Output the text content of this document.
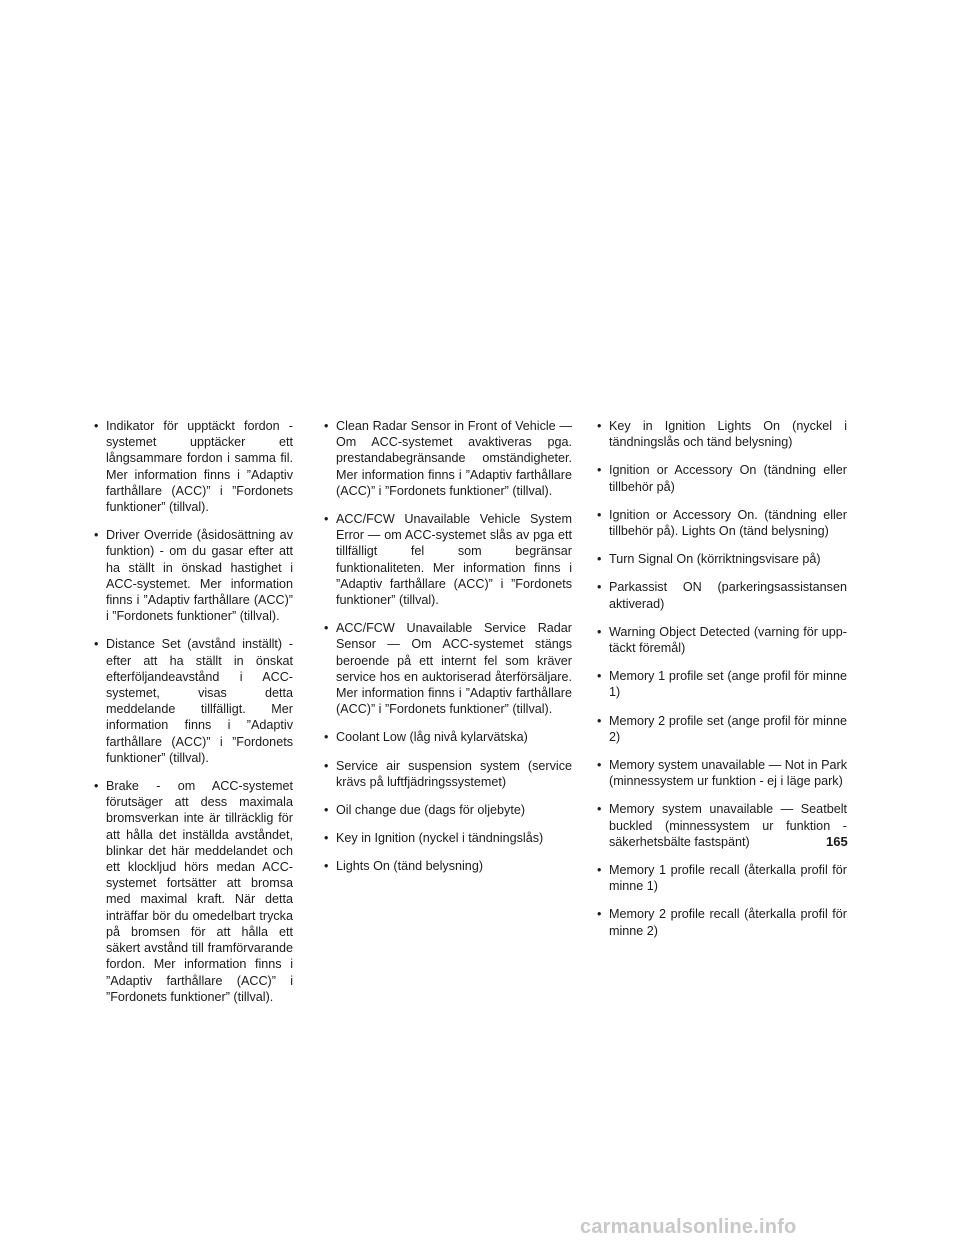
• Indikator för upptäckt fordon - systemet upptäcker ett långsammare fordon i samma fil. Mer information finns i ”Adaptiv farthållare (ACC)” i ”Fordonets funktioner” (tillval).
• Driver Override (åsidosättning av funktion) - om du gasar efter att ha ställt in önskad hastighet i ACC-systemet. Mer information finns i ”Adaptiv farthållare (ACC)” i ”Fordonets funktioner” (tillval).
• Distance Set (avstånd inställt) - efter att ha ställt in önskat efterföljandeavstånd i ACC-systemet, visas detta meddelande tillfälligt. Mer information finns i ”Adaptiv farthållare (ACC)” i ”Fordonets funktioner” (tillval).
• Brake - om ACC-systemet förutsäger att dess maximala bromsverkan inte är tillräcklig för att hålla det inställda avståndet, blinkar det här meddelandet och ett klockljud hörs medan ACC-systemet fortsätter att bromsa med maximal kraft. När detta inträffar bör du omedelbart trycka på bromsen för att hålla ett säkert avstånd till framförvarande fordon. Mer information finns i ”Adaptiv farthållare (ACC)” i ”Fordonets funktioner” (tillval).
• Clean Radar Sensor in Front of Vehicle — Om ACC-systemet avaktiveras pga. prestandabegränsande omständigheter. Mer information finns i ”Adaptiv farthållare (ACC)” i ”Fordonets funktioner” (tillval).
• ACC/FCW Unavailable Vehicle System Error — om ACC-systemet slås av pga ett tillfälligt fel som begränsar funktionaliteten. Mer information finns i ”Adaptiv farthållare (ACC)” i ”Fordonets funktioner” (tillval).
• ACC/FCW Unavailable Service Radar Sensor — Om ACC-systemet stängs beroende på ett internt fel som kräver service hos en auktoriserad återförsäljare. Mer information finns i ”Adaptiv farthållare (ACC)” i ”Fordonets funktioner” (tillval).
• Coolant Low (låg nivå kylarvätska)
• Service air suspension system (service krävs på luftfjädringssystemet)
• Oil change due (dags för oljebyte)
• Key in Ignition (nyckel i tändningslås)
• Lights On (tänd belysning)
• Key in Ignition Lights On (nyckel i tändningslås och tänd belysning)
• Ignition or Accessory On (tändning eller tillbehör på)
• Ignition or Accessory On. (tändning eller tillbehör på). Lights On (tänd belysning)
• Turn Signal On (körriktningsvisare på)
• Parkassist ON (parkeringsassistansen aktiverad)
• Warning Object Detected (varning för upptäckt föremål)
• Memory 1 profile set (ange profil för minne 1)
• Memory 2 profile set (ange profil för minne 2)
• Memory system unavailable — Not in Park (minnessystem ur funktion - ej i läge park)
• Memory system unavailable — Seatbelt buckled (minnessystem ur funktion - säkerhetsbälte fastspänt)
• Memory 1 profile recall (återkalla profil för minne 1)
• Memory 2 profile recall (återkalla profil för minne 2)
165
carmanualsonline.info
